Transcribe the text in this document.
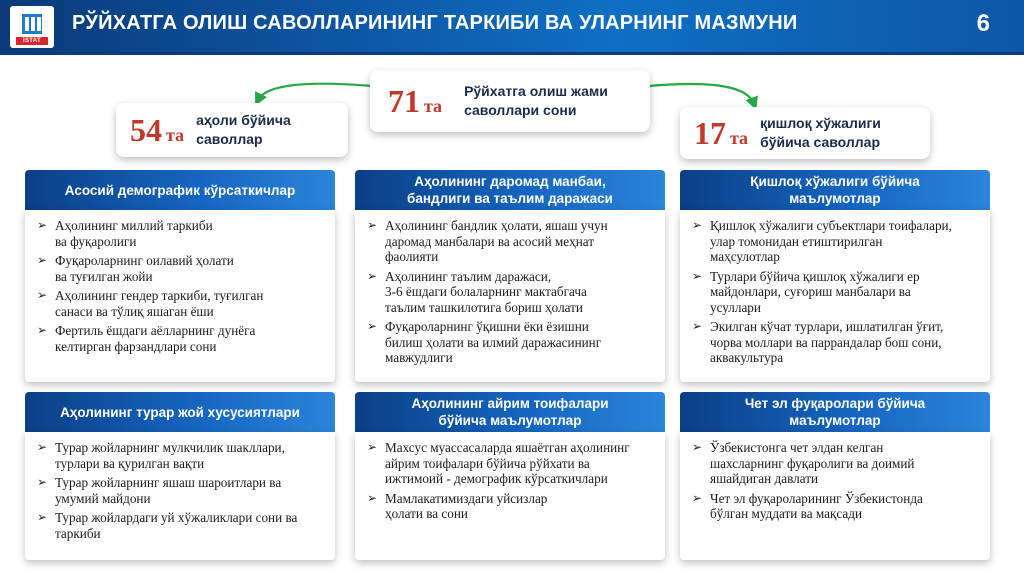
ISTAT
РЎЙХАТГА ОЛИШ САВОЛЛАРИНИНГ ТАРКИБИ ВА УЛАРНИНГ МАЗМУНИ	6
54 та
аҳоли бўйича
саволлар
71 та
Рўйхатга олиш жами
саволлари сони
17 та
қишлоқ хўжалиги
бўйича саволлар
Асосий демографик кўрсаткичлар
➢ Аҳолининг миллий таркиби
ва фуқаролиги
➢ Фуқароларнинг оилавий ҳолати
ва туғилган жойи
➢ Аҳолининг гендер таркиби, туғилган
санаси ва тўлиқ яшаган ёши
➢ Фертиль ёшдаги аёлларнинг дунёга
келтирган фарзандлари сони
Аҳолининг даромад манбаи,
бандлиги ва таълим даражаси
➢ Аҳолининг бандлик ҳолати, яшаш учун
даромад манбалари ва асосий меҳнат
фаолияти
➢ Аҳолининг таълим даражаси,
3-6 ёшдаги болаларнинг мактабгача
таълим ташкилотига бориш ҳолати
➢ Фуқароларнинг ўқишни ёки ёзишни
билиш ҳолати ва илмий даражасининг
мавжудлиги
Қишлоқ хўжалиги бўйича
маълумотлар
➢ Қишлоқ хўжалиги субъектлари тоифалари,
улар томонидан етиштирилган
маҳсулотлар
➢ Турлари бўйича қишлоқ хўжалиги ер
майдонлари, суғориш манбалари ва
усуллари
➢ Экилган кўчат турлари, ишлатилган ўғит,
чорва моллари ва паррандалар бош сони,
аквакультура
Аҳолининг турар жой хусусиятлари
➢ Турар жойларнинг мулкчилик шакллари,
турлари ва қурилган вақти
➢ Турар жойларнинг яшаш шароитлари ва
умумий майдони
➢ Турар жойлардаги уй хўжаликлари сони ва
таркиби
Аҳолининг айрим тоифалари
бўйича маълумотлар
➢ Махсус муассасаларда яшаётган аҳолининг
айрим тоифалари бўйича рўйхати ва
ижтимоий - демографик кўрсаткичлари
➢ Мамлакатимиздаги уйсизлар
ҳолати ва сони
Чет эл фуқаролари бўйича
маълумотлар
➢ Ўзбекистонга чет элдан келган
шахсларнинг фуқаролиги ва доимий
яшайдиган давлати
➢ Чет эл фуқароларининг Ўзбекистонда
бўлган муддати ва мақсади
